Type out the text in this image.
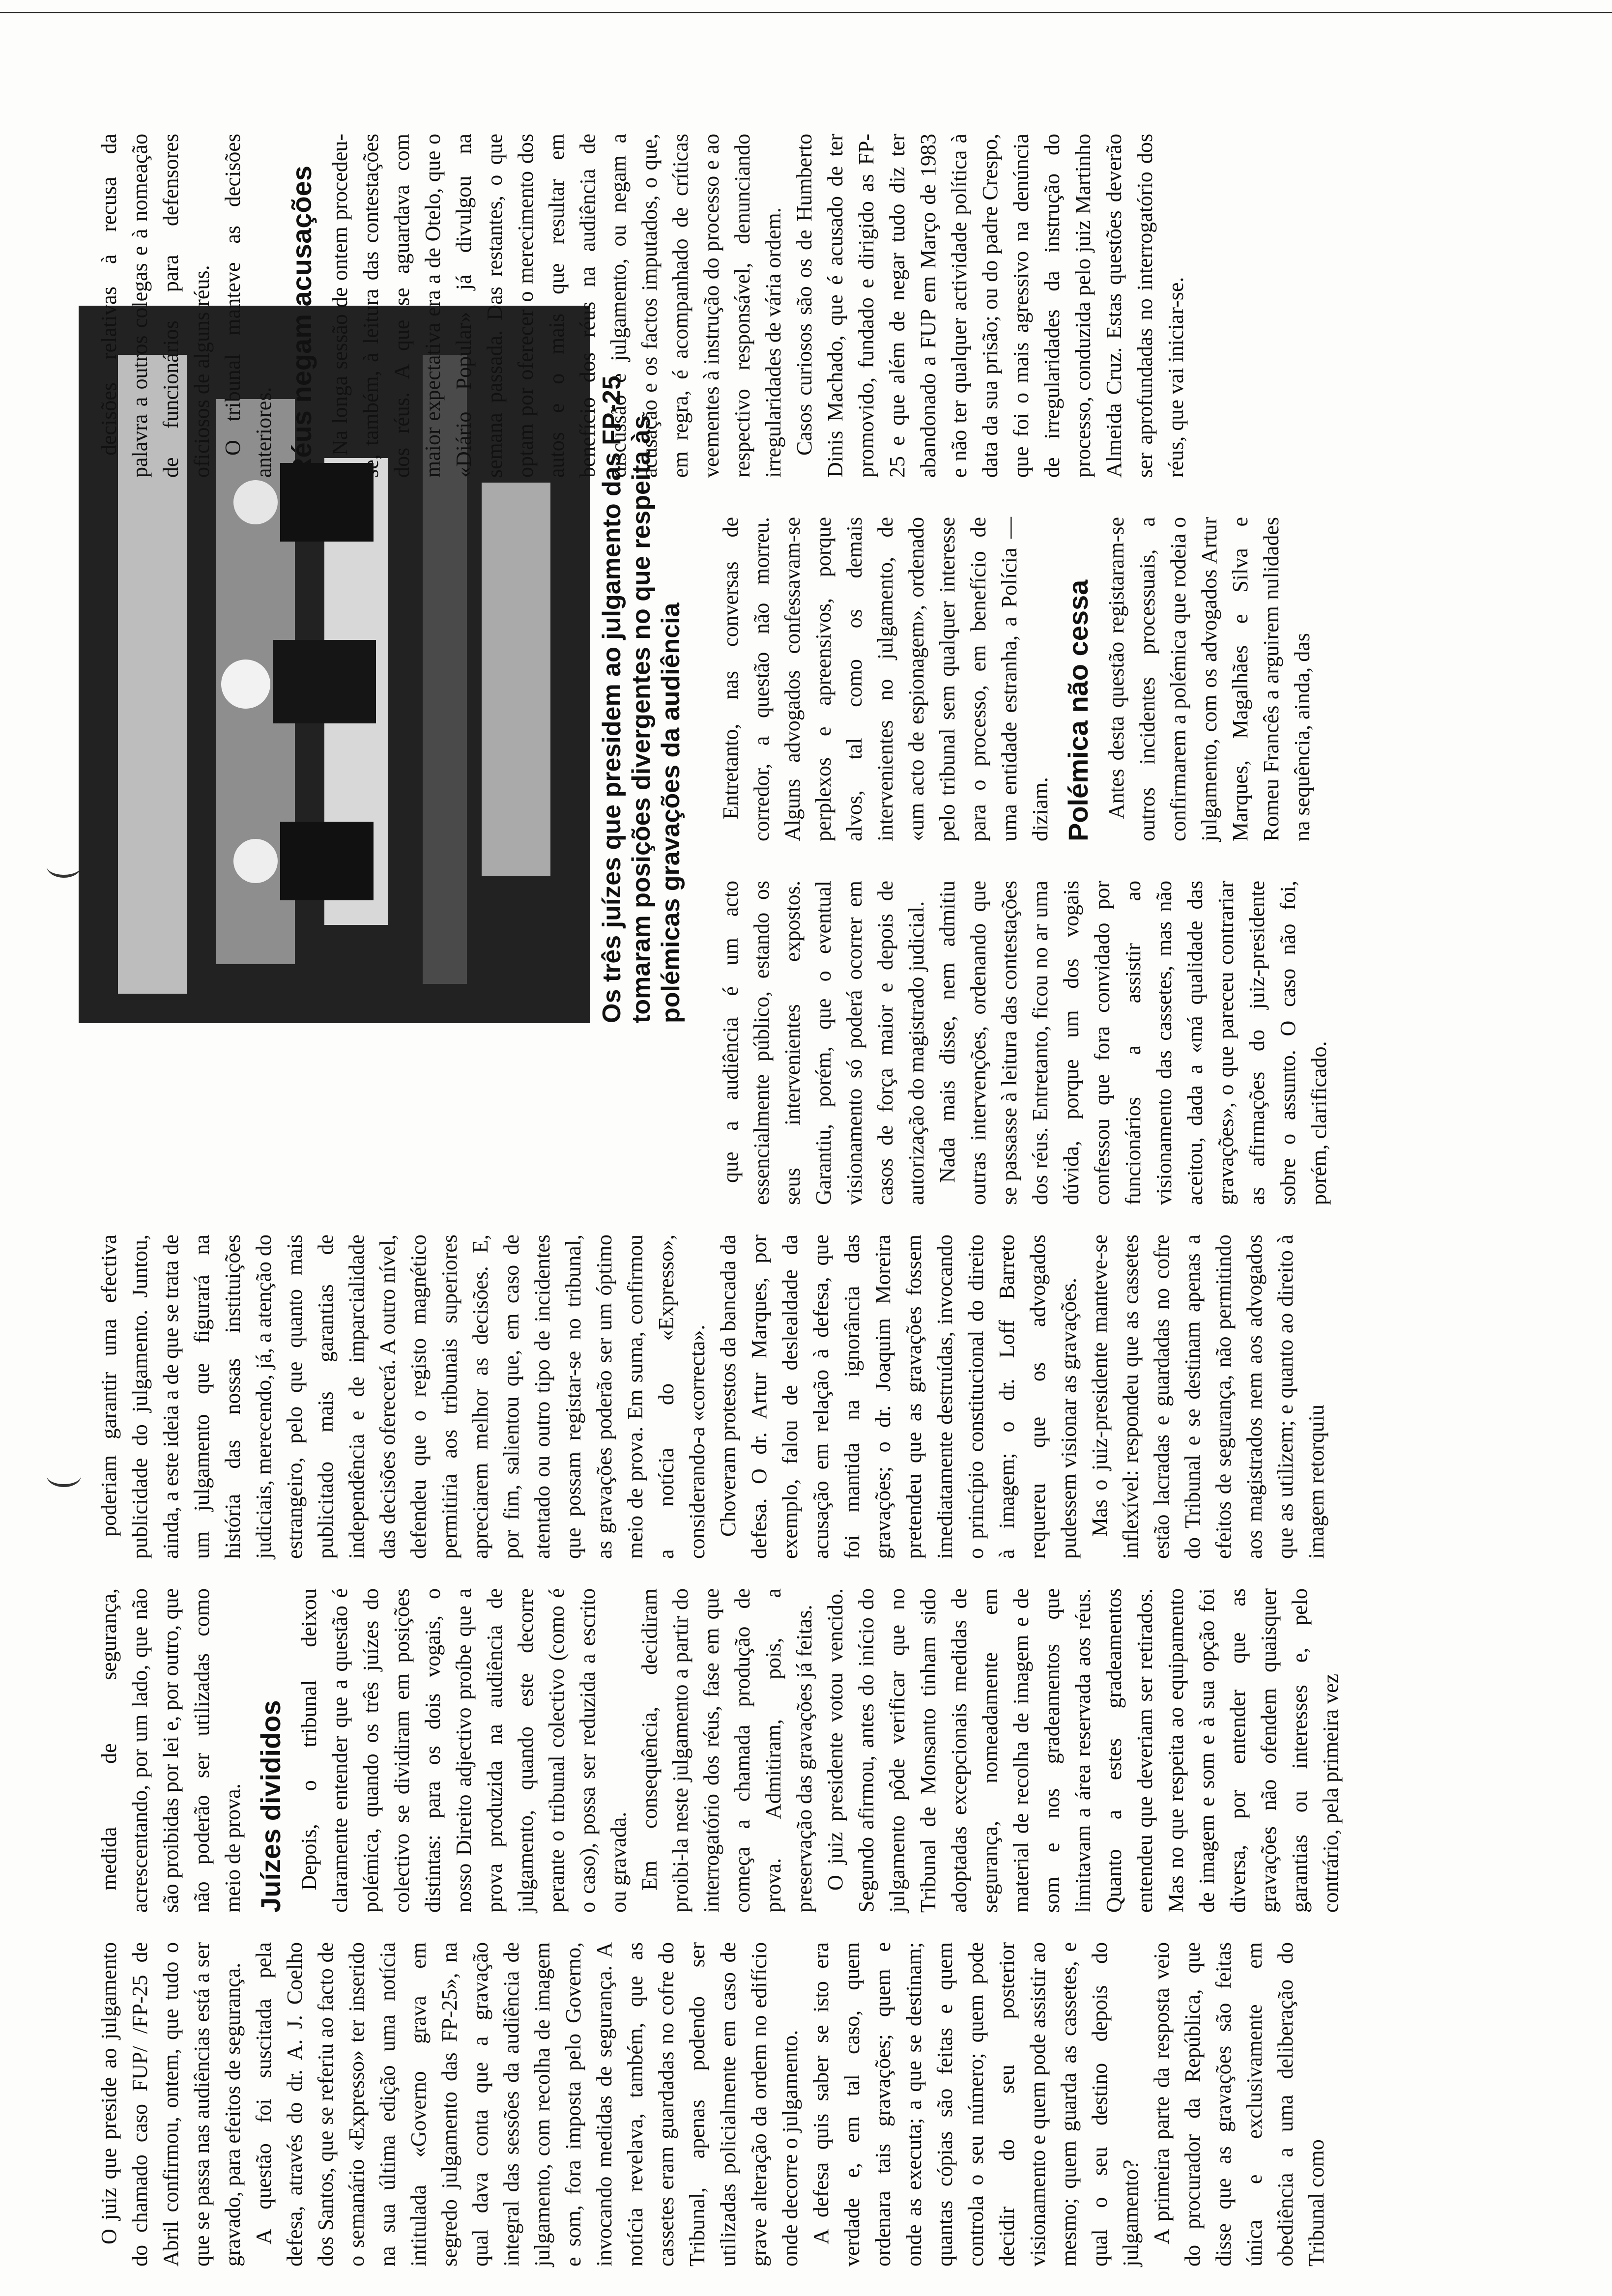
O juiz que preside ao julgamento do chamado caso FUP/ /FP-25 de Abril confirmou, ontem, que tudo o que se passa nas audiências está a ser gravado, para efeitos de segurança. A questão foi suscitada pela defesa, através do dr. A. J. Coelho dos Santos, que se referiu ao facto de o semanário «Expresso» ter inserido na sua última edição uma notícia intitulada «Governo grava em segredo julgamento das FP-25», na qual dava conta que a gravação integral das sessões da audiência de julgamento, com recolha de imagem e som, fora imposta pelo Governo, invocando medidas de segurança. A notícia revelava, também, que as cassetes eram guardadas no cofre do Tribunal, apenas podendo ser utilizadas policialmente em caso de grave alteração da ordem no edifício onde decorre o julgamento. A defesa quis saber se isto era verdade e, em tal caso, quem ordenara tais gravações; quem e onde as executa; a que se destinam; quantas cópias são feitas e quem controla o seu número; quem pode decidir do seu posterior visionamento e quem pode assistir ao mesmo; quem guarda as cassetes, e qual o seu destino depois do julgamento? A primeira parte da resposta veio do procurador da República, que disse que as gravações são feitas única e exclusivamente em obediência a uma deliberação do Tribunal como

medida de segurança, acrescentando, por um lado, que não são proibidas por lei e, por outro, que não poderão ser utilizadas como meio de prova. Juízes divididos Depois, o tribunal deixou claramente entender que a questão é polémica, quando os três juízes do colectivo se dividiram em posições distintas: para os dois vogais, o nosso Direito adjectivo proíbe que a prova produzida na audiência de julgamento, quando este decorre perante o tribunal colectivo (como é o caso), possa ser reduzida a escrito ou gravada. Em consequência, decidiram proibi-la neste julgamento a partir do interrogatório dos réus, fase em que começa a chamada produção de prova. Admitiram, pois, a preservação das gravações já feitas. O juiz presidente votou vencido. Segundo afirmou, antes do início do julgamento pôde verificar que no Tribunal de Monsanto tinham sido adoptadas excepcionais medidas de segurança, nomeadamente em material de recolha de imagem e de som e nos gradeamentos que limitavam a área reservada aos réus. Quanto a estes gradeamentos entendeu que deveriam ser retirados. Mas no que respeita ao equipamento de imagem e som e à sua opção foi diversa, por entender que as gravações não ofendem quaisquer garantias ou interesses e, pelo contrário, pela primeira vez

poderiam garantir uma efectiva publicidade do julgamento. Juntou, ainda, a este ideia a de que se trata de um julgamento que figurará na história das nossas instituições judiciais, merecendo, já, a atenção do estrangeiro, pelo que quanto mais publicitado mais garantias de independência e de imparcialidade das decisões oferecerá. A outro nível, defendeu que o registo magnético permitiria aos tribunais superiores apreciarem melhor as decisões. E, por fim, salientou que, em caso de atentado ou outro tipo de incidentes que possam registar-se no tribunal, as gravações poderão ser um óptimo meio de prova. Em suma, confirmou a notícia do «Expresso», considerando-a «correcta». Choveram protestos da bancada da defesa. O dr. Artur Marques, por exemplo, falou de deslealdade da acusação em relação à defesa, que foi mantida na ignorância das gravações; o dr. Joaquim Moreira pretendeu que as gravações fossem imediatamente destruídas, invocando o princípio constitucional do direito à imagem; o dr. Loff Barreto requereu que os advogados pudessem visionar as gravações. Mas o juiz-presidente manteve-se inflexível: respondeu que as cassetes estão lacradas e guardadas no cofre do Tribunal e se destinam apenas a efeitos de segurança, não permitindo aos magistrados nem aos advogados que as utilizem; e quanto ao direito à imagem retorquiu

que a audiência é um acto essencialmente público, estando os seus intervenientes expostos. Garantiu, porém, que o eventual visionamento só poderá ocorrer em casos de força maior e depois de autorização do magistrado judicial. Nada mais disse, nem admitiu outras intervenções, ordenando que se passasse à leitura das contestações dos réus. Entretanto, ficou no ar uma dúvida, porque um dos vogais confessou que fora convidado por funcionários a assistir ao visionamento das cassetes, mas não aceitou, dada a «má qualidade das gravações», o que pareceu contrariar as afirmações do juiz-presidente sobre o assunto. O caso não foi, porém, clarificado.

Os três juízes que presidem ao julgamento das FP-25 tomaram posições divergentes no que respeita às polémicas gravações da audiência Entretanto, nas conversas de corredor, a questão não morreu. Alguns advogados confessavam-se perplexos e apreensivos, porque alvos, tal como os demais intervenientes no julgamento, de «um acto de espionagem», ordenado pelo tribunal sem qualquer interesse para o processo, em benefício de uma entidade estranha, a Polícia — diziam. Polémica não cessa Antes desta questão registaram-se outros incidentes processuais, a confirmarem a polémica que rodeia o julgamento, com os advogados Artur Marques, Magalhães e Silva e Romeu Francês a arguirem nulidades na sequência, ainda, das

decisões relativas à recusa da palavra a outros colegas e à nomeação de funcionários para defensores oficiosos de alguns réus. O tribunal manteve as decisões anteriores. Réus negam acusações Na longa sessão de ontem procedeu-se, também, à leitura das contestações dos réus. A que se aguardava com maior expectativa era a de Otelo, que o «Diário Popular» já divulgou na semana passada. Das restantes, o que optam por oferecer o merecimento dos autos e o mais que resultar em benefício dos réus na audiência de discussão e julgamento, ou negam a acusação e os factos imputados, o que, em regra, é acompanhado de críticas veementes à instrução do processo e ao respectivo responsável, denunciando irregularidades de vária ordem. Casos curiosos são os de Humberto Dinis Machado, que é acusado de ter promovido, fundado e dirigido as FP-25 e que além de negar tudo diz ter abandonado a FUP em Março de 1983 e não ter qualquer actividade política à data da sua prisão; ou do padre Crespo, que foi o mais agressivo na denúncia de irregularidades da instrução do processo, conduzida pelo juiz Martinho Almeida Cruz. Estas questões deverão ser aprofundadas no interrogatório dos réus, que vai iniciar-se.
